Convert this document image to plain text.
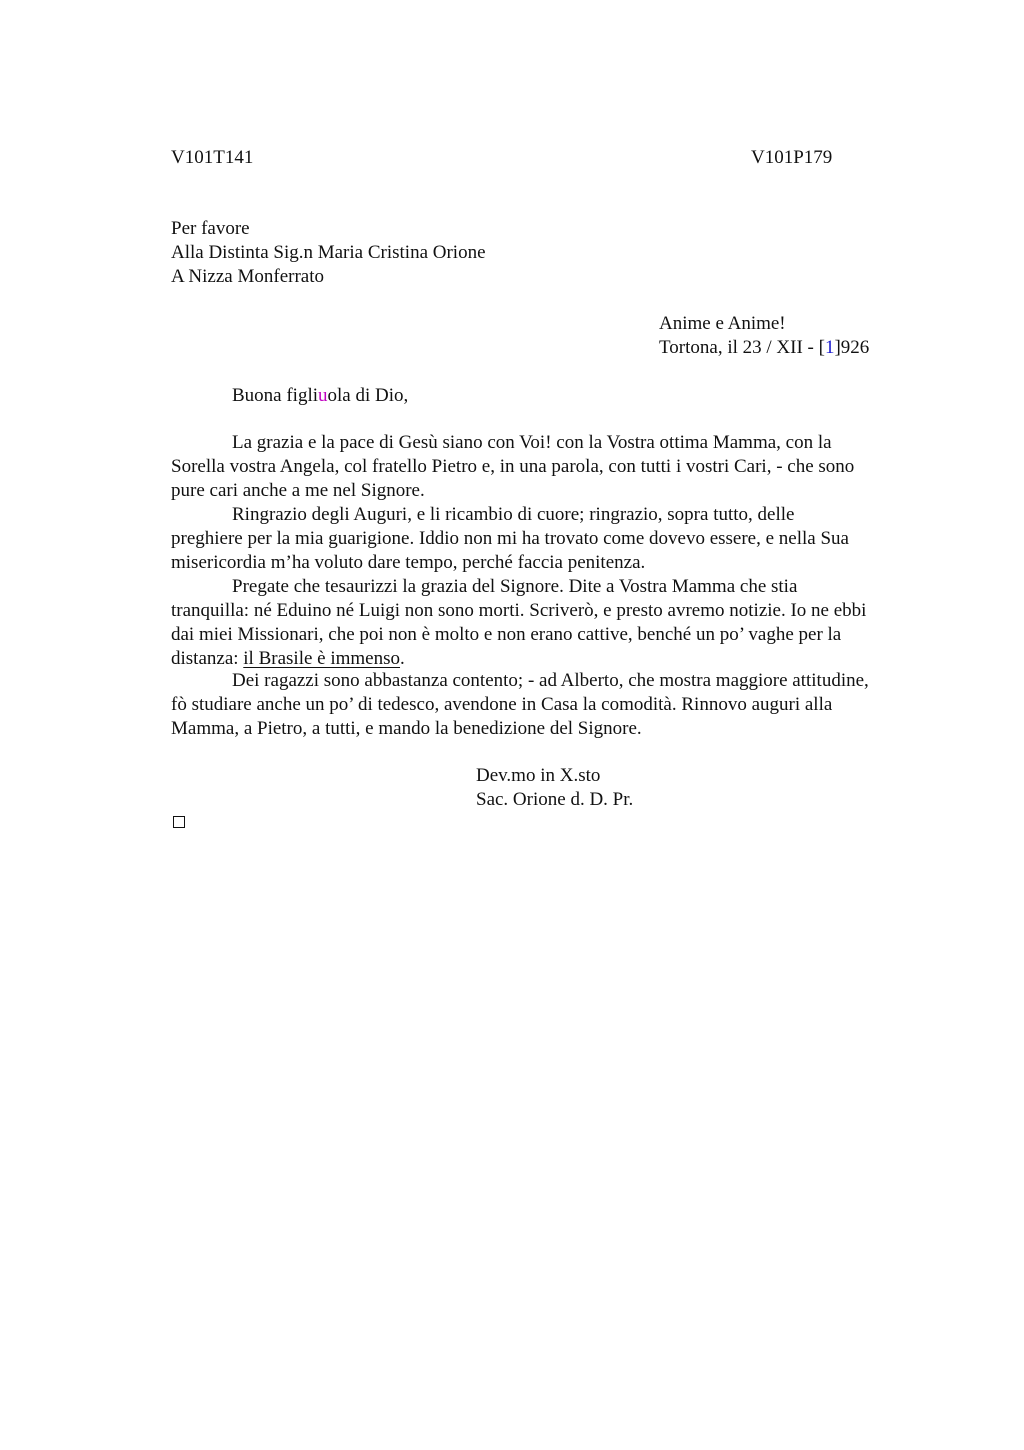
V101T141	V101P179
Per favore
Alla Distinta Sig.n Maria Cristina Orione
A Nizza Monferrato
Anime e Anime!
Tortona, il 23 / XII - [1]926
Buona figliuola di Dio,
La grazia e la pace di Gesù siano con Voi! con la Vostra ottima Mamma, con la
Sorella vostra Angela, col fratello Pietro e, in una parola, con tutti i vostri Cari, - che sono
pure cari anche a me nel Signore.
Ringrazio degli Auguri, e li ricambio di cuore; ringrazio, sopra tutto, delle
preghiere per la mia guarigione. Iddio non mi ha trovato come dovevo essere, e nella Sua
misericordia m’ha voluto dare tempo, perché faccia penitenza.
Pregate che tesaurizzi la grazia del Signore. Dite a Vostra Mamma che stia
tranquilla: né Eduino né Luigi non sono morti. Scriverò, e presto avremo notizie. Io ne ebbi
dai miei Missionari, che poi non è molto e non erano cattive, benché un po’ vaghe per la
distanza: il Brasile è immenso.
Dei ragazzi sono abbastanza contento; - ad Alberto, che mostra maggiore attitudine,
fò studiare anche un po’ di tedesco, avendone in Casa la comodità. Rinnovo auguri alla
Mamma, a Pietro, a tutti, e mando la benedizione del Signore.
Dev.mo in X.sto
Sac. Orione d. D. Pr.
